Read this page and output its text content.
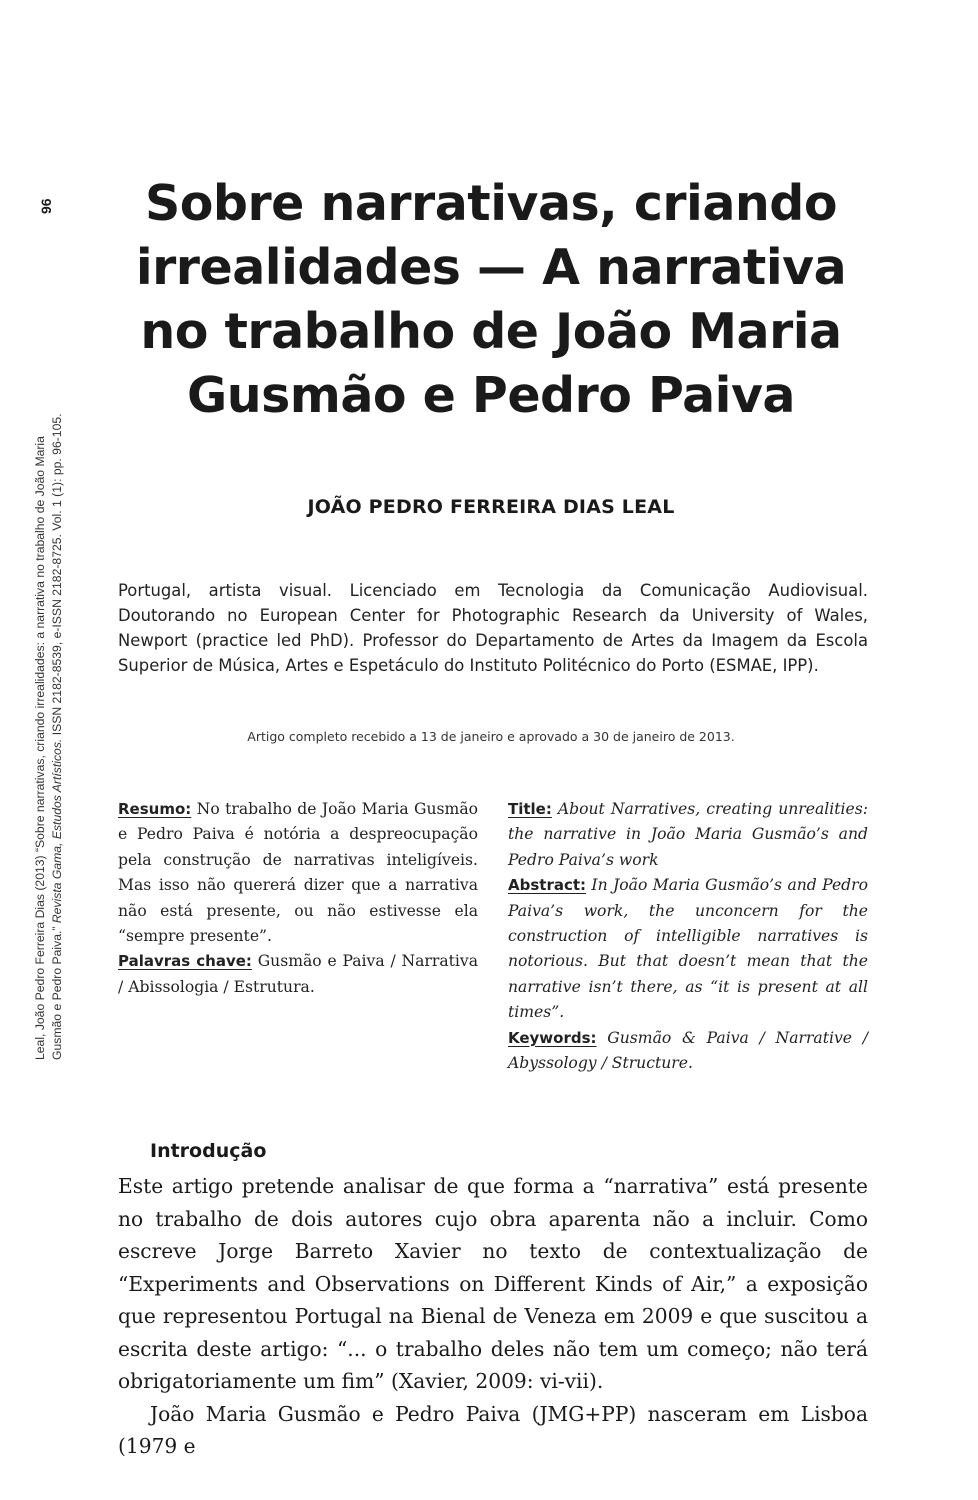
96
Leal, João Pedro Ferreira Dias (2013) “Sobre narrativas, criando irrealidades: a narrativa no trabalho de João Maria Gusmão e Pedro Paiva.” Revista Gama, Estudos Artísticos. ISSN 2182-8539, e-ISSN 2182-8725. Vol. 1 (1): pp. 96-105.
Sobre narrativas, criando irrealidades — A narrativa no trabalho de João Maria Gusmão e Pedro Paiva
JOÃO PEDRO FERREIRA DIAS LEAL

Portugal, artista visual. Licenciado em Tecnologia da Comunicação Audiovisual. Doutorando no European Center for Photographic Research da University of Wales, Newport (practice led PhD). Professor do Departamento de Artes da Imagem da Escola Superior de Música, Artes e Espetáculo do Instituto Politécnico do Porto (ESMAE, IPP).

Artigo completo recebido a 13 de janeiro e aprovado a 30 de janeiro de 2013.

Resumo: No trabalho de João Maria Gusmão e Pedro Paiva é notória a despreocupação pela construção de narrativas inteligíveis. Mas isso não quererá dizer que a narrativa não está presente, ou não estivesse ela “sempre presente”.

Palavras chave: Gusmão e Paiva / Narrativa / Abissologia / Estrutura.

Title: About Narratives, creating unrealities: the narrative in João Maria Gusmão’s and Pedro Paiva’s work

Abstract: In João Maria Gusmão’s and Pedro Paiva’s work, the unconcern for the construction of intelligible narratives is notorious. But that doesn’t mean that the narrative isn’t there, as “it is present at all times”.

Keywords: Gusmão & Paiva / Narrative / Abyssology / Structure.

Introdução

Este artigo pretende analisar de que forma a “narrativa” está presente no trabalho de dois autores cujo obra aparenta não a incluir. Como escreve Jorge Barreto Xavier no texto de contextualização de “Experiments and Observations on Different Kinds of Air,” a exposição que representou Portugal na Bienal de Veneza em 2009 e que suscitou a escrita deste artigo: “... o trabalho deles não tem um começo; não terá obrigatoriamente um fim” (Xavier, 2009: vi-vii).

João Maria Gusmão e Pedro Paiva (JMG+PP) nasceram em Lisboa (1979 e
